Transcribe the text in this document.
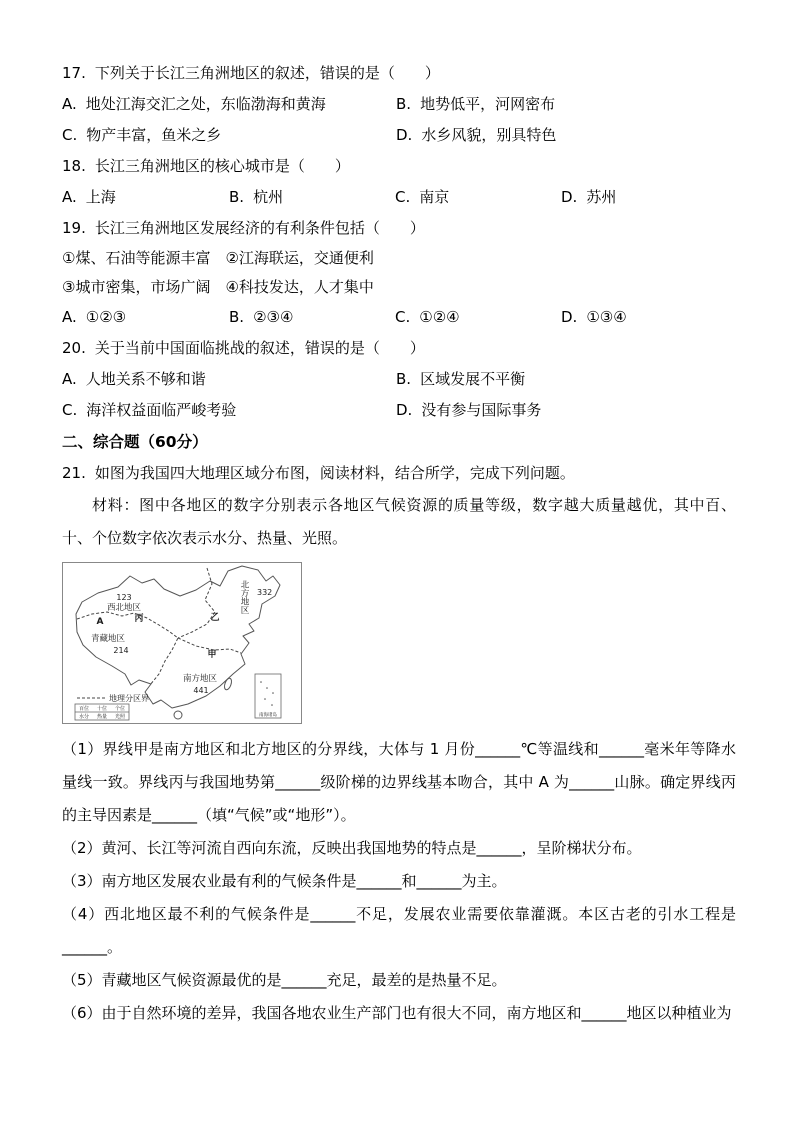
17. 下列关于长江三角洲地区的叙述，错误的是（　　）
A. 地处江海交汇之处，东临渤海和黄海	B. 地势低平，河网密布
C. 物产丰富，鱼米之乡	D. 水乡风貌，别具特色
18. 长江三角洲地区的核心城市是（　　）
A. 上海	B. 杭州	C. 南京	D. 苏州
19. 长江三角洲地区发展经济的有利条件包括（　　）
①煤、石油等能源丰富　②江海联运，交通便利
③城市密集，市场广阔　④科技发达，人才集中
A. ①②③	B. ②③④	C. ①②④	D. ①③④
20. 关于当前中国面临挑战的叙述，错误的是（　　）
A. 人地关系不够和谐	B. 区域发展不平衡
C. 海洋权益面临严峻考验	D. 没有参与国际事务
二、综合题（60分）
21. 如图为我国四大地理区域分布图，阅读材料，结合所学，完成下列问题。
材料：图中各地区的数字分别表示各地区气候资源的质量等级，数字越大质量越优，其中百、十、个位数字依次表示水分、热量、光照。
123
西北地区	北方地区 332
青藏地区
214
南方地区
441
A	丙	乙
甲
地理分区界
百位 十位 个位
水分 热量 光照	南海诸岛
（1）界线甲是南方地区和北方地区的分界线，大体与 1 月份______℃等温线和______毫米年等降水量线一致。界线丙与我国地势第______级阶梯的边界线基本吻合，其中 A 为______山脉。确定界线丙的主导因素是______（填“气候”或“地形”）。
（2）黄河、长江等河流自西向东流，反映出我国地势的特点是______，呈阶梯状分布。
（3）南方地区发展农业最有利的气候条件是______和______为主。
（4）西北地区最不利的气候条件是______不足，发展农业需要依靠灌溉。本区古老的引水工程是______。
（5）青藏地区气候资源最优的是______充足，最差的是热量不足。
（6）由于自然环境的差异，我国各地农业生产部门也有很大不同，南方地区和______地区以种植业为
